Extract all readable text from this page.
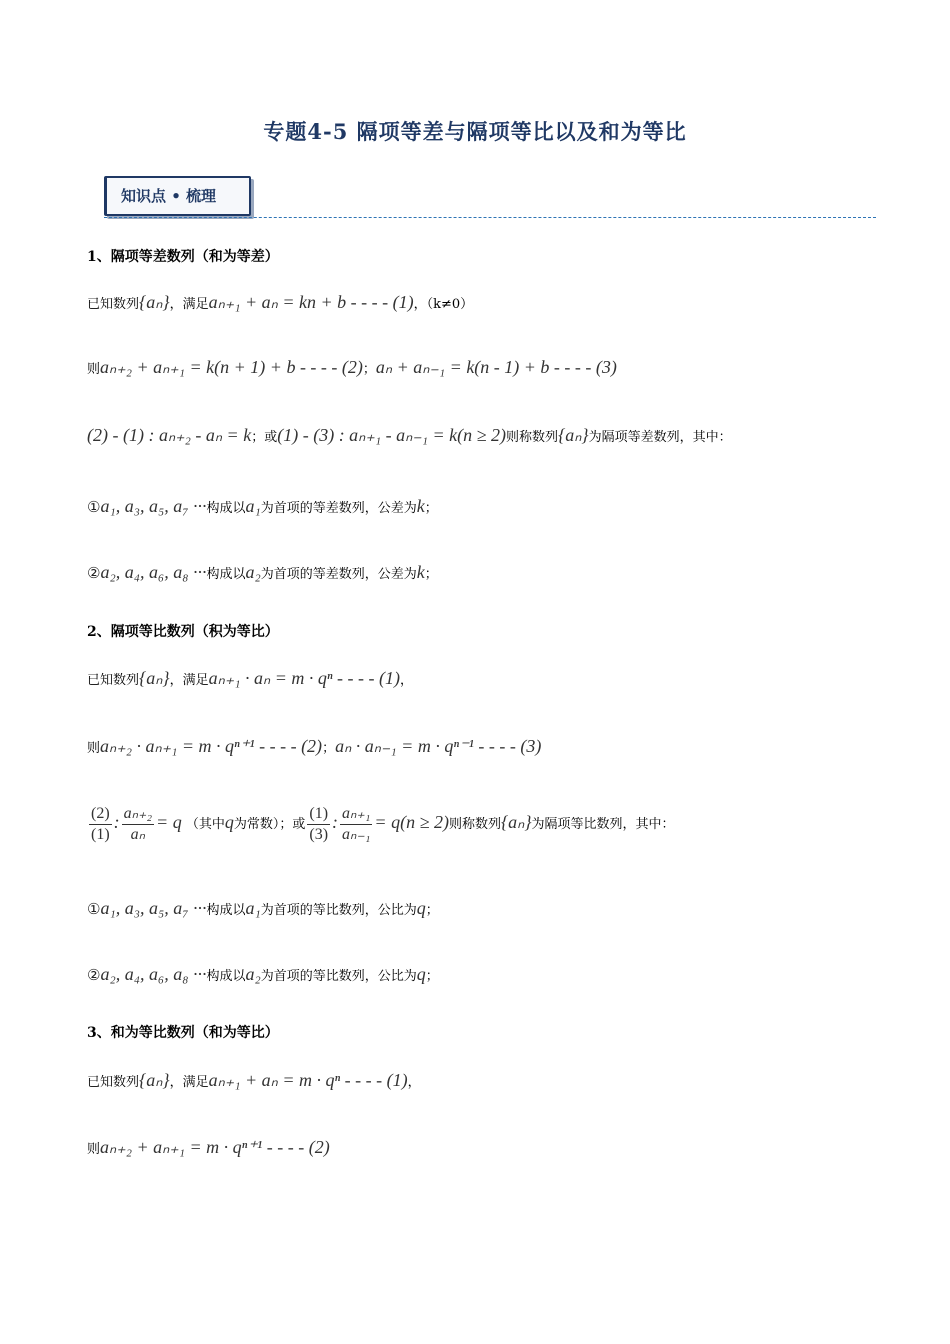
专题4-5 隔项等差与隔项等比以及和为等比
知识点 • 梳理
1、隔项等差数列（和为等差）
已知数列{aₙ}，满足aₙ₊₁ + aₙ = kn + b - - - - (1)，（k≠0）
则aₙ₊₂ + aₙ₊₁ = k(n + 1) + b - - - - (2)；aₙ + aₙ₋₁ = k(n - 1) + b - - - - (3)
(2) - (1) : aₙ₊₂ - aₙ = k；或(1) - (3) : aₙ₊₁ - aₙ₋₁ = k(n ≥ 2)则称数列{aₙ}为隔项等差数列，其中：
①a₁, a₃, a₅, a₇ ···构成以a₁为首项的等差数列，公差为k；
②a₂, a₄, a₆, a₈ ···构成以a₂为首项的等差数列，公差为k；
2、隔项等比数列（积为等比）
已知数列{aₙ}，满足aₙ₊₁ · aₙ = m · qⁿ - - - - (1)，
则aₙ₊₂ · aₙ₊₁ = m · qⁿ⁺¹ - - - - (2)；aₙ · aₙ₋₁ = m · qⁿ⁻¹ - - - - (3)
$\frac{(2)}{(1)}$ : $\frac{\text{aₙ₊₂}}{\text{aₙ}} = q$ （其中q为常数）；或 $\frac{(1)}{(3)}$ : $\frac{\text{aₙ₊₁}}{\text{aₙ₋₁}} = q(n \ge 2)$则称数列{aₙ}为隔项等比数列，其中：
①a₁, a₃, a₅, a₇ ···构成以a₁为首项的等比数列，公比为q；
②a₂, a₄, a₆, a₈ ···构成以a₂为首项的等比数列，公比为q；
3、和为等比数列（和为等比）
已知数列{aₙ}，满足aₙ₊₁ + aₙ = m · qⁿ - - - - (1)，
则aₙ₊₂ + aₙ₊₁ = m · qⁿ⁺¹ - - - - (2)
